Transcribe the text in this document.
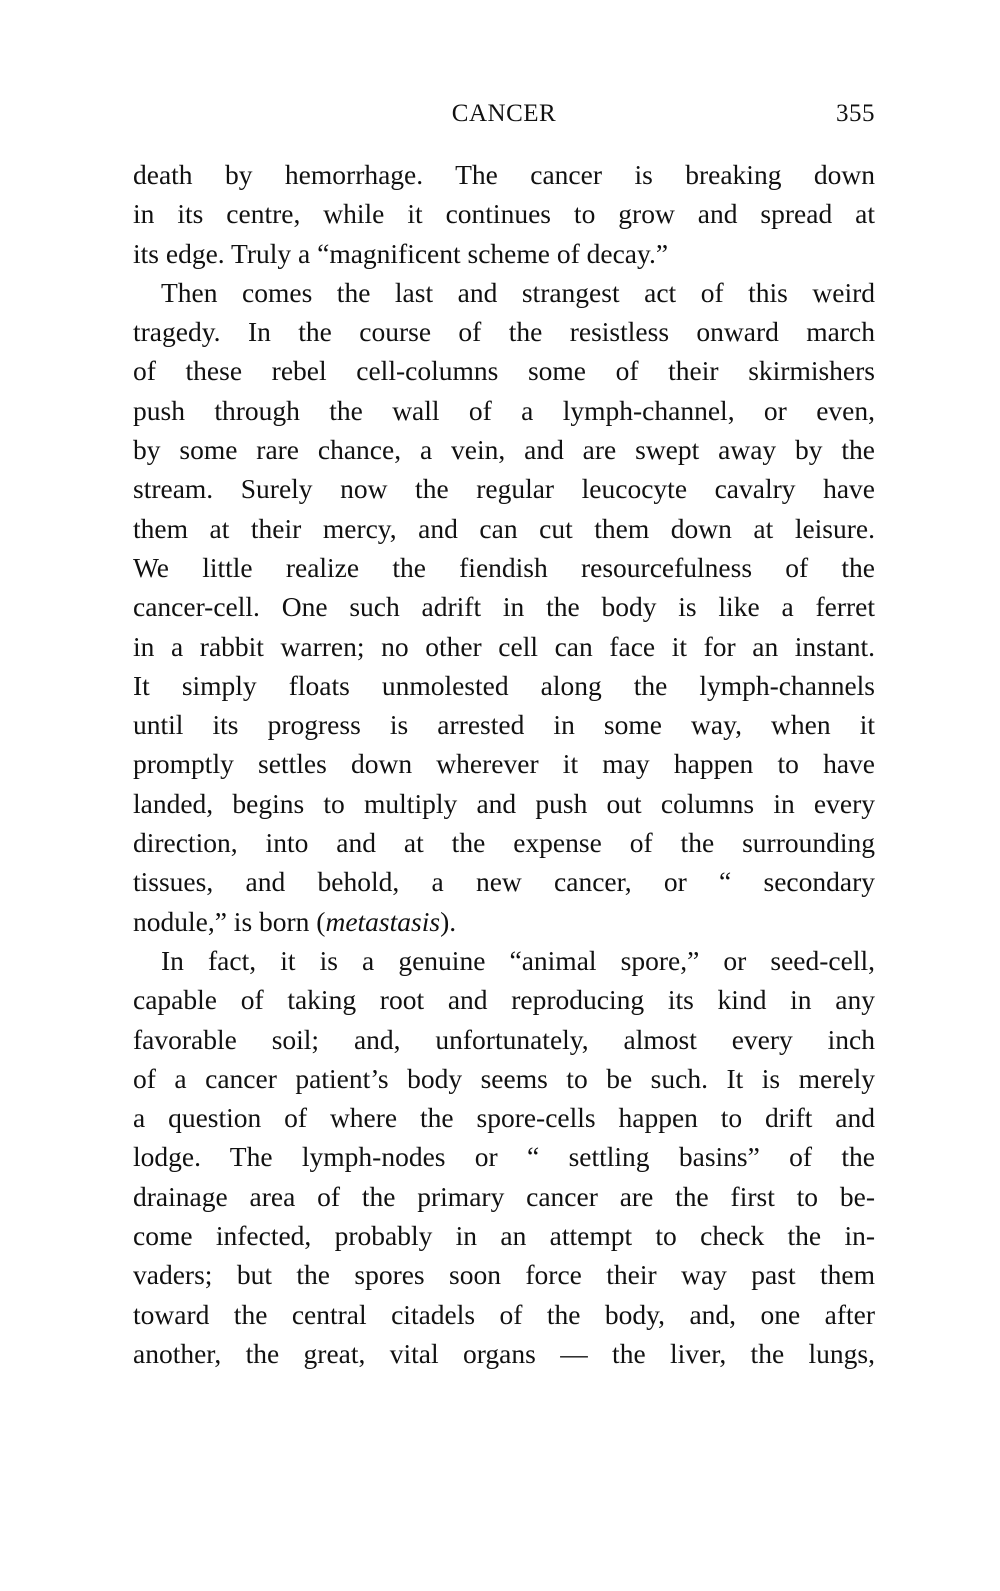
CANCER	355
death by hemorrhage. The cancer is breaking down
in its centre, while it continues to grow and spread at
its edge. Truly a “magnificent scheme of decay.”
Then comes the last and strangest act of this weird
tragedy. In the course of the resistless onward march
of these rebel cell-columns some of their skirmishers
push through the wall of a lymph-channel, or even,
by some rare chance, a vein, and are swept away by the
stream. Surely now the regular leucocyte cavalry have
them at their mercy, and can cut them down at leisure.
We little realize the fiendish resourcefulness of the
cancer-cell. One such adrift in the body is like a ferret
in a rabbit warren; no other cell can face it for an instant.
It simply floats unmolested along the lymph-channels
until its progress is arrested in some way, when it
promptly settles down wherever it may happen to have
landed, begins to multiply and push out columns in every
direction, into and at the expense of the surrounding
tissues, and behold, a new cancer, or “ secondary
nodule,” is born (metastasis).
In fact, it is a genuine “animal spore,” or seed-cell,
capable of taking root and reproducing its kind in any
favorable soil; and, unfortunately, almost every inch
of a cancer patient’s body seems to be such. It is merely
a question of where the spore-cells happen to drift and
lodge. The lymph-nodes or “ settling basins” of the
drainage area of the primary cancer are the first to be-
come infected, probably in an attempt to check the in-
vaders; but the spores soon force their way past them
toward the central citadels of the body, and, one after
another, the great, vital organs — the liver, the lungs,
